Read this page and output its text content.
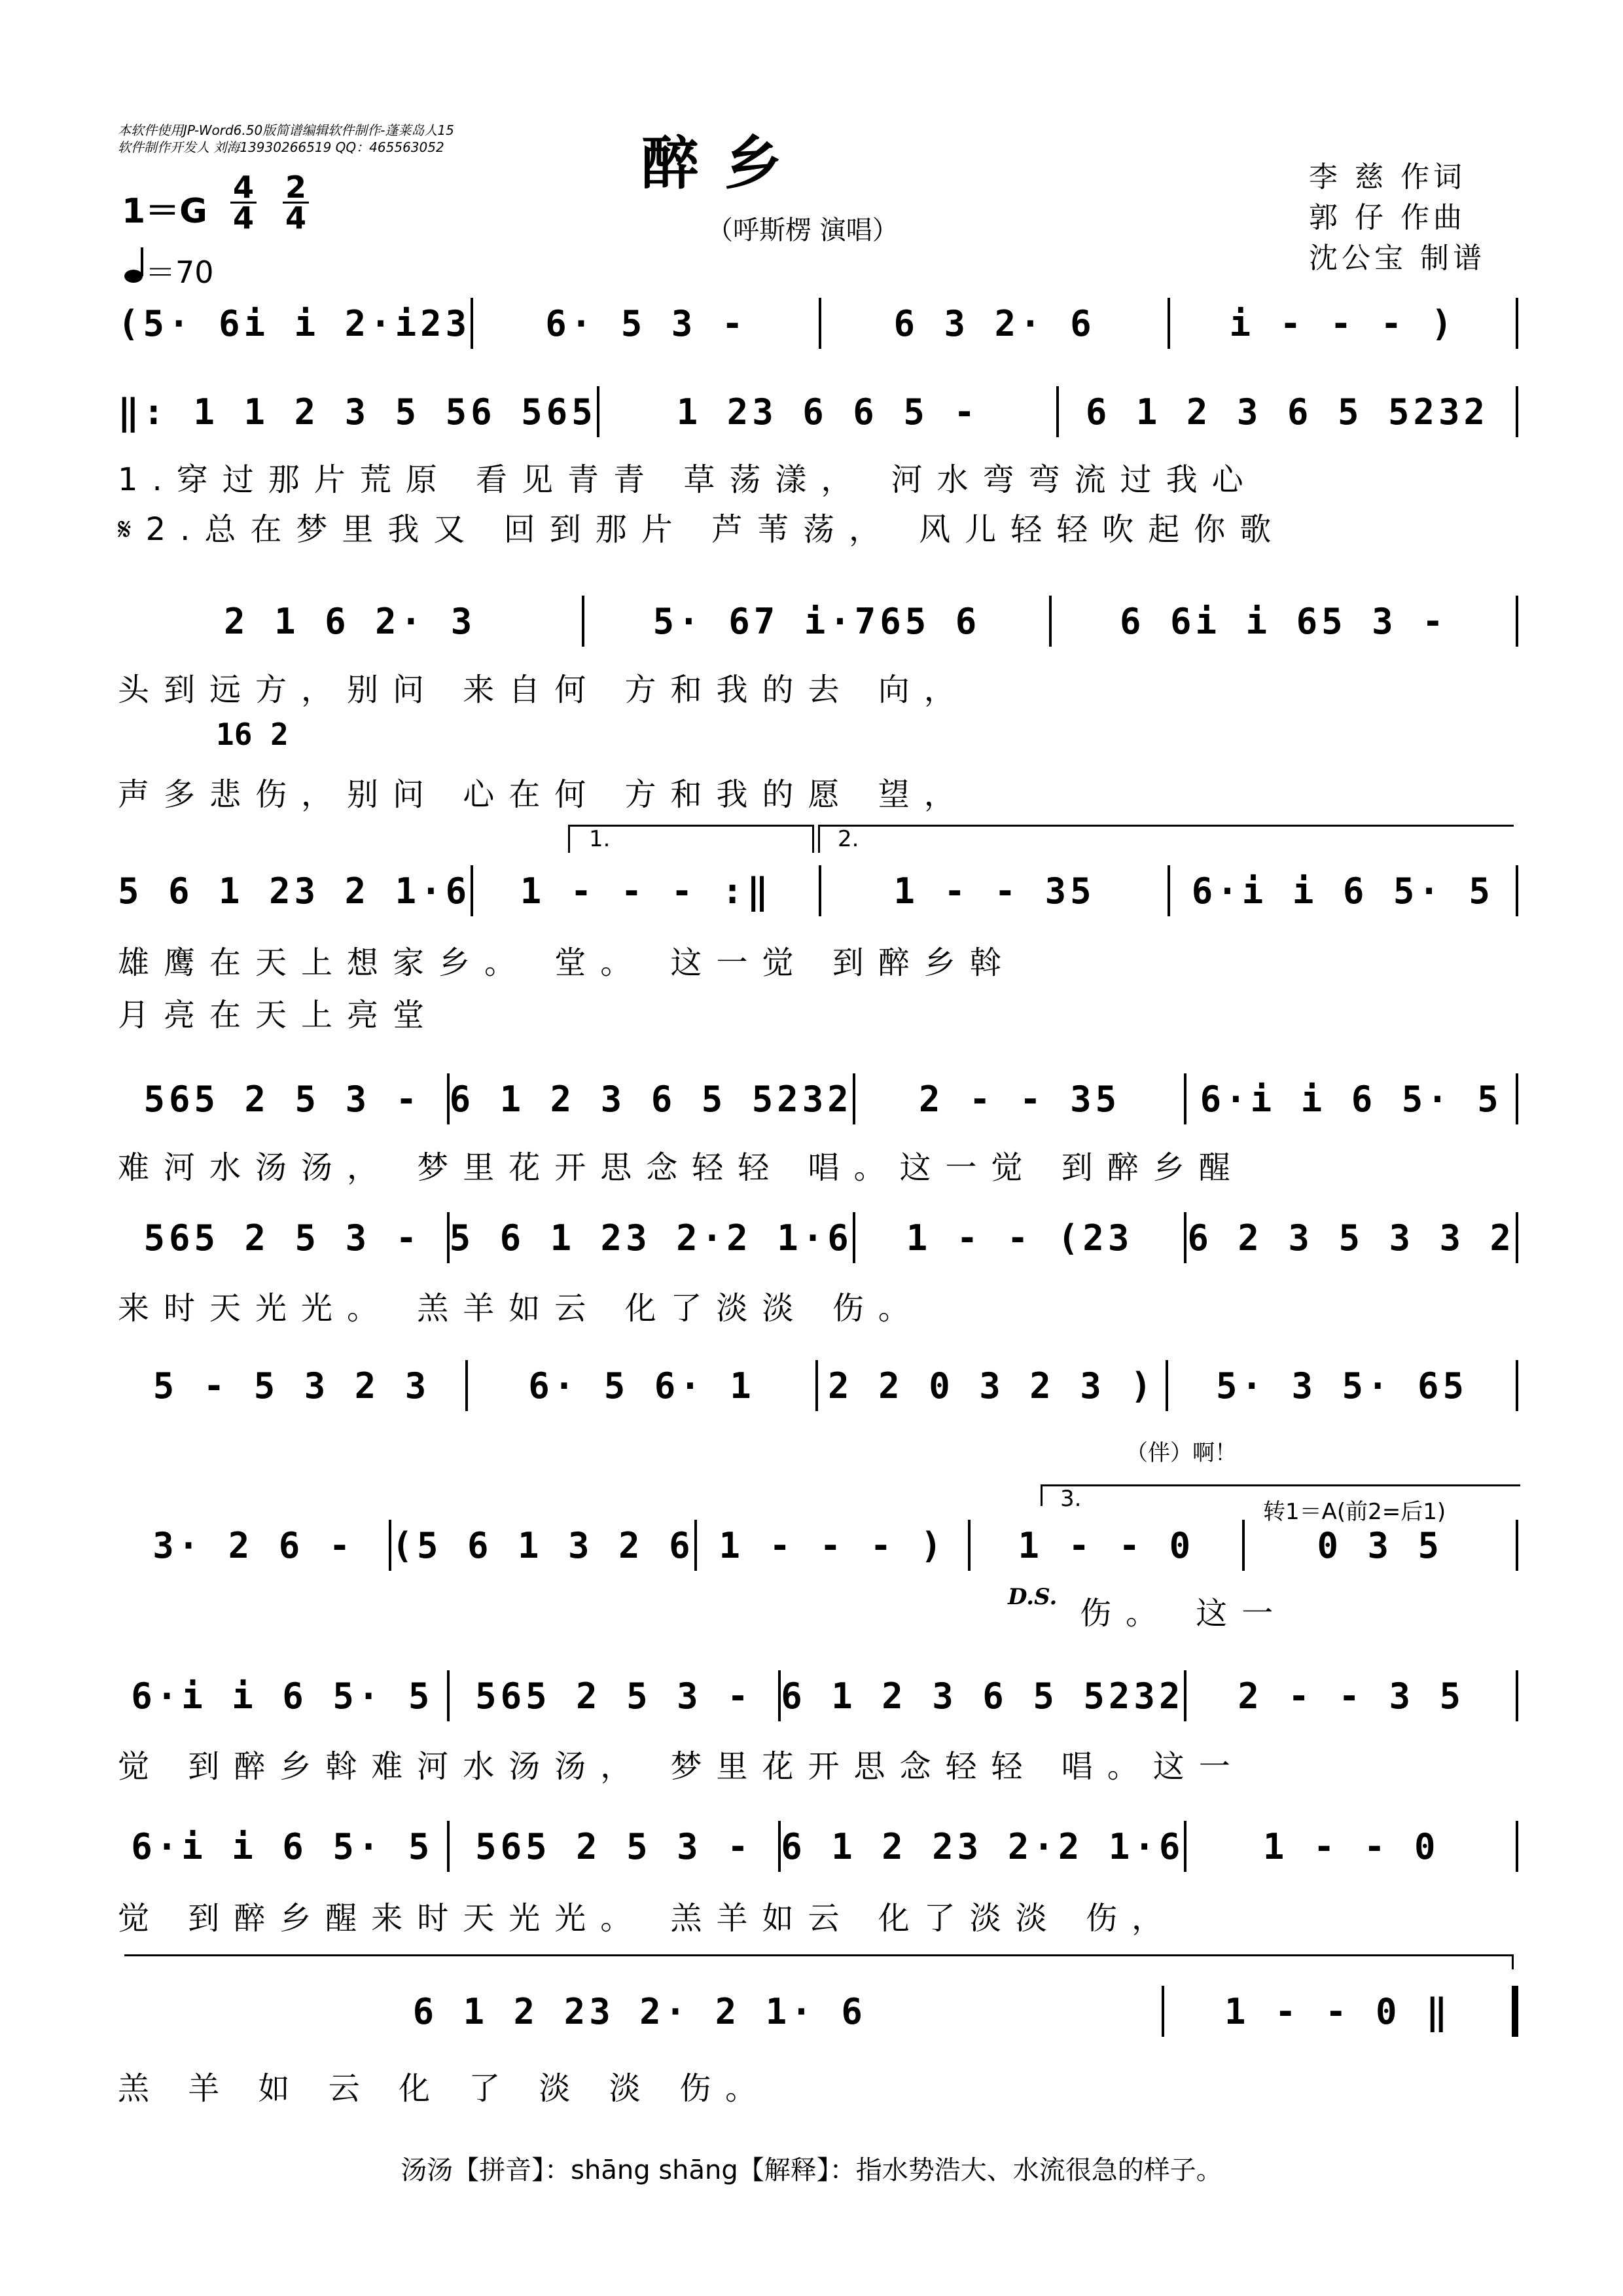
本软件使用JP-Word6.50版简谱编辑软件制作-蓬莱岛人15
软件制作开发人 刘海13930266519 QQ：465563052	醉 乡
（呼斯楞 演唱）
李 慈 作词
郭 仔 作曲
沈公宝 制谱
1＝G
4
4
2
4
＝70
(5· 6i i 2·i23	6· 5 3 -	6 3 2· 6	i - - - )
‖: 1 1 2 3 5 56 565	1 23 6 6 5 -	6 1 2 3 6 5 5232
1.穿过那片荒原 看见青青 草荡漾， 河水弯弯流过我心
𝄋2.总在梦里我又 回到那片 芦苇荡， 风儿轻轻吹起你歌
2 1 6 2· 3	5· 67 i·765 6	6 6i i 65 3 -
头到远方，别问 来自何 方和我的去 向，
16 2
声多悲伤，别问 心在何 方和我的愿 望，
1.	2.
5 6 1 23 2 1·6	1 - - - :‖	1 - - 35	6·i i 6 5· 5
雄鹰在天上想家乡。 堂。 这一觉 到醉乡斡
月亮在天上亮堂
565 2 5 3 - 6 1 2 3 6 5 5232	2 - - 35	6·i i 6 5· 5
难河水汤汤， 梦里花开思念轻轻 唱。这一觉 到醉乡醒
565 2 5 3 - 5 6 1 23 2·2 1·6	1 - - (23	6 2 3 5 3 3 2
来时天光光。 羔羊如云 化了淡淡 伤。
5 - 5 3 2 3	6· 5 6· 1	2 2 0 3 2 3 )	5· 3 5· 65
（伴）啊！
3.	转1＝A(前2=后1)
3· 2 6 -	(5 6 1 3 2 6 1 - - - )	1 - - 0	0 3 5
D.S. 伤。 这一
6·i i 6 5· 5	565 2 5 3 - 6 1 2 3 6 5 5232	2 - - 3 5
觉 到醉乡斡难河水汤汤， 梦里花开思念轻轻 唱。这一
6·i i 6 5· 5	565 2 5 3 - 6 1 2 23 2·2 1·6	1 - - 0
觉 到醉乡醒来时天光光。 羔羊如云 化了淡淡 伤，
6 1 2 23 2· 2 1· 6	1 - - 0 ‖
羔 羊 如 云 化 了 淡 淡 伤。
汤汤【拼音】：shāng shāng【解释】：指水势浩大、水流很急的样子。
